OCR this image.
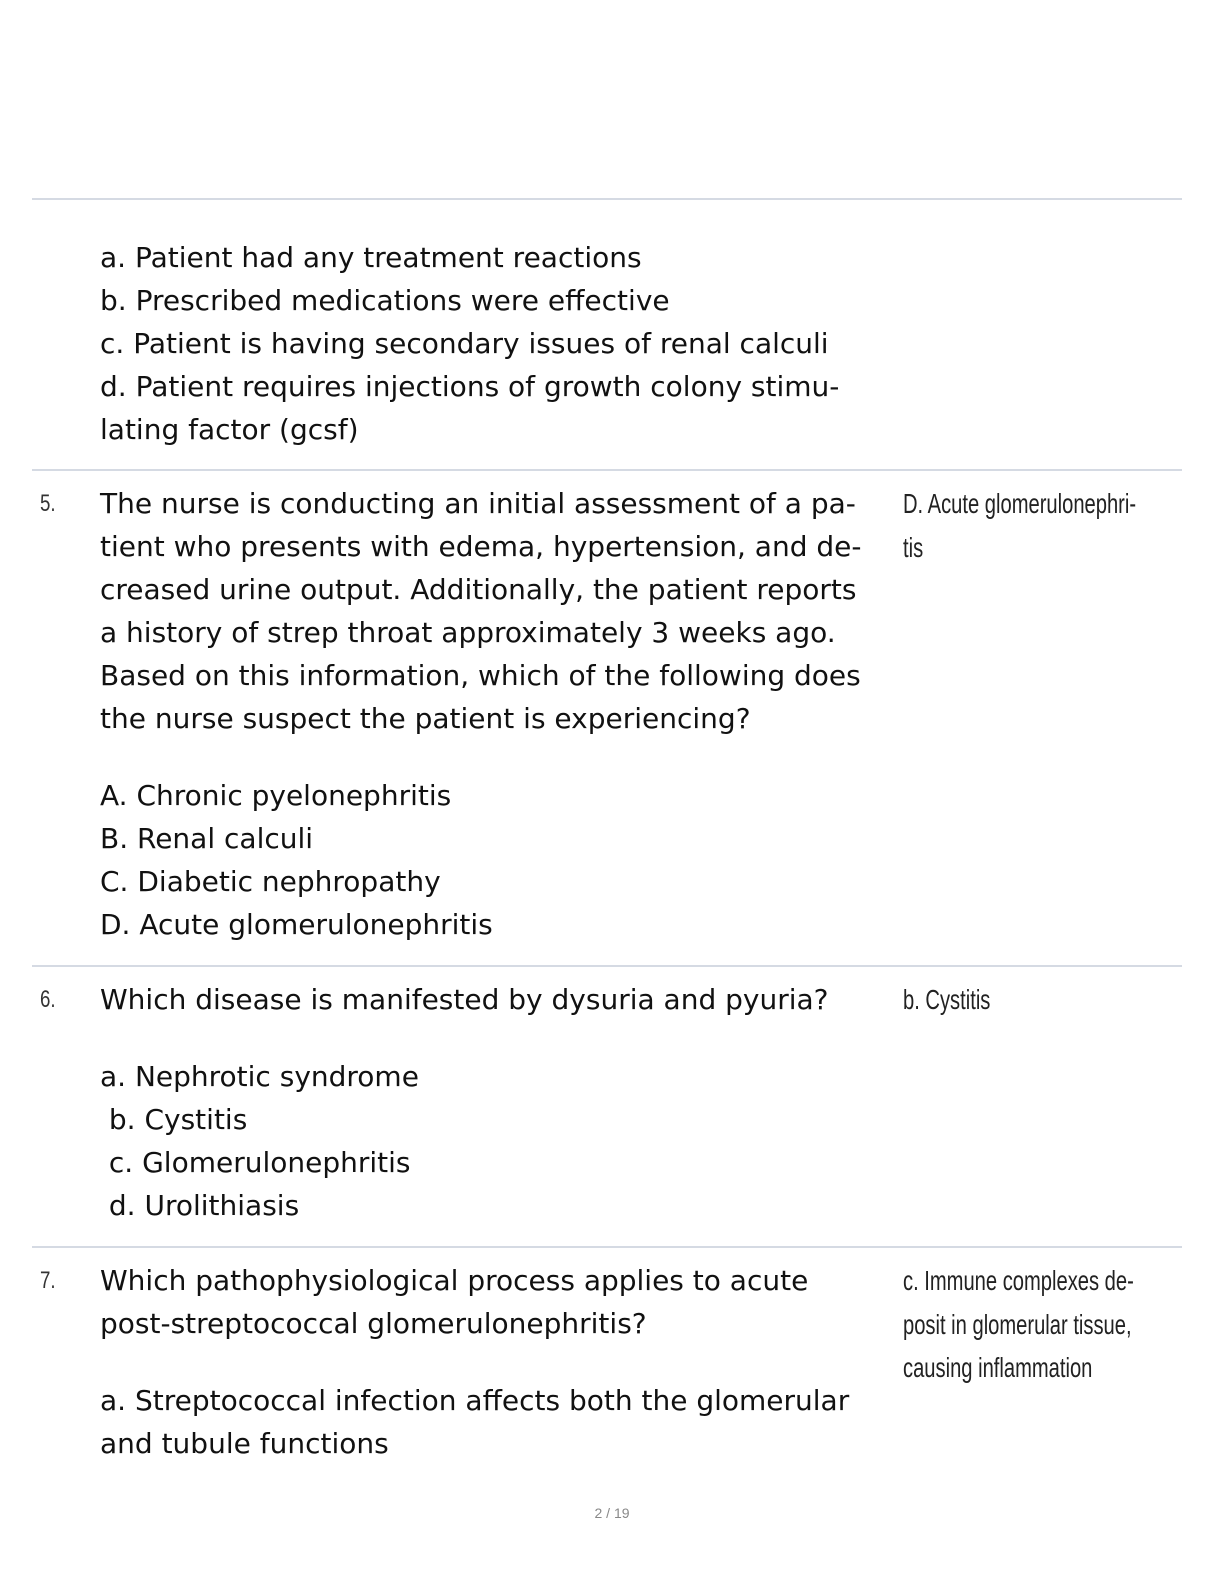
a. Patient had any treatment reactions

b. Prescribed medications were effective

c. Patient is having secondary issues of renal calculi

d. Patient requires injections of growth colony stimu-

lating factor (gcsf)

5. The nurse is conducting an initial assessment of a pa-

tient who presents with edema, hypertension, and de-

creased urine output. Additionally, the patient reports

a history of strep throat approximately 3 weeks ago.

Based on this information, which of the following does

the nurse suspect the patient is experiencing?

A. Chronic pyelonephritis

B. Renal calculi

C. Diabetic nephropathy

D. Acute glomerulonephritis

D. Acute glomerulonephri-

tis

6. Which disease is manifested by dysuria and pyuria?

a. Nephrotic syndrome

b. Cystitis

c. Glomerulonephritis

d. Urolithiasis

b. Cystitis

7. Which pathophysiological process applies to acute

post-streptococcal glomerulonephritis?

a. Streptococcal infection affects both the glomerular

and tubule functions

c. Immune complexes de-

posit in glomerular tissue,

causing inflammation

2 / 19
